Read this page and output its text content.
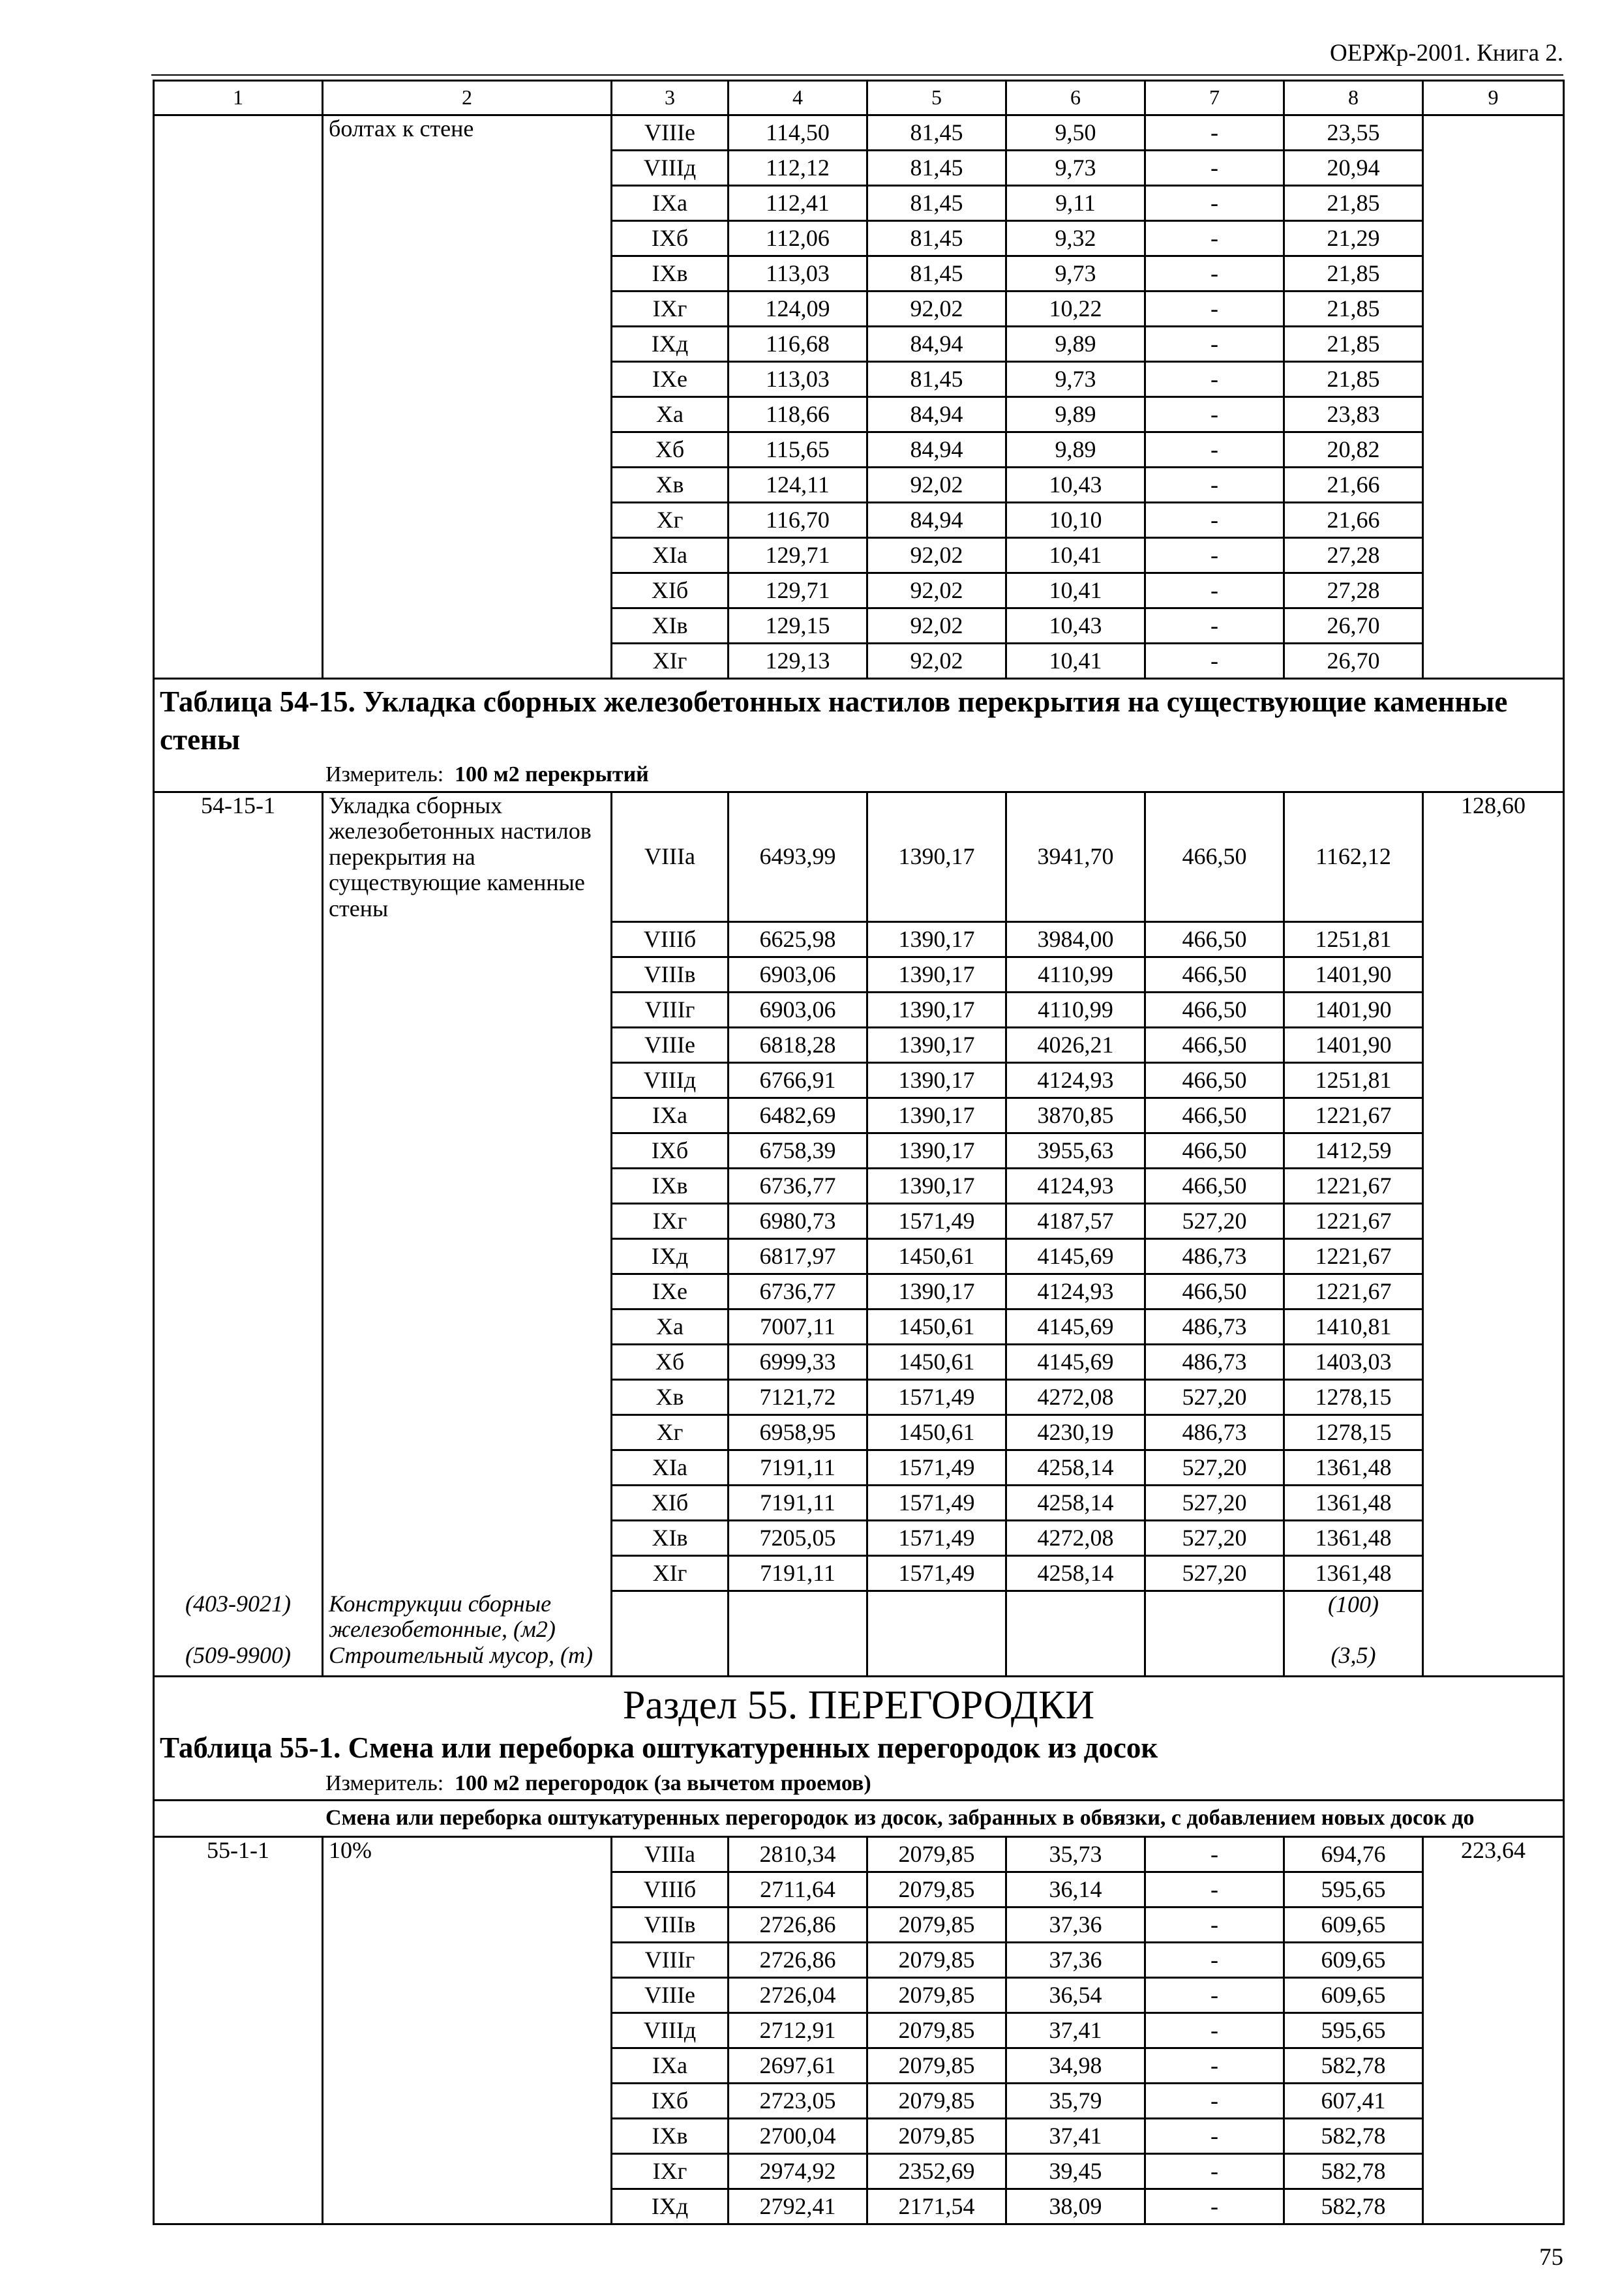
ОЕРЖр-2001. Книга 2.
1	2	3	4	5	6	7	8	9
	болтах к стене	VIIIе	114,50	81,45	9,50	-	23,55	
		VIIIд	112,12	81,45	9,73	-	20,94	
		IXа	112,41	81,45	9,11	-	21,85	
		IXб	112,06	81,45	9,32	-	21,29	
		IXв	113,03	81,45	9,73	-	21,85	
		IXг	124,09	92,02	10,22	-	21,85	
		IXд	116,68	84,94	9,89	-	21,85	
		IXе	113,03	81,45	9,73	-	21,85	
		Xа	118,66	84,94	9,89	-	23,83	
		Xб	115,65	84,94	9,89	-	20,82	
		Xв	124,11	92,02	10,43	-	21,66	
		Xг	116,70	84,94	10,10	-	21,66	
		XIа	129,71	92,02	10,41	-	27,28	
		XIб	129,71	92,02	10,41	-	27,28	
		XIв	129,15	92,02	10,43	-	26,70	
		XIг	129,13	92,02	10,41	-	26,70	

Таблица 54-15. Укладка сборных железобетонных настилов перекрытия на существующие каменные стены
Измеритель: 100 м2 перекрытий								

54-15-1	Укладка сборных железобетонных настилов перекрытия на существующие каменные стены	VIIIа	6493,99	1390,17	3941,70	466,50	1162,12	128,60
		VIIIб	6625,98	1390,17	3984,00	466,50	1251,81	
		VIIIв	6903,06	1390,17	4110,99	466,50	1401,90	
		VIIIг	6903,06	1390,17	4110,99	466,50	1401,90	
		VIIIе	6818,28	1390,17	4026,21	466,50	1401,90	
		VIIIд	6766,91	1390,17	4124,93	466,50	1251,81	
		IXа	6482,69	1390,17	3870,85	466,50	1221,67	
		IXб	6758,39	1390,17	3955,63	466,50	1412,59	
		IXв	6736,77	1390,17	4124,93	466,50	1221,67	
		IXг	6980,73	1571,49	4187,57	527,20	1221,67	
		IXд	6817,97	1450,61	4145,69	486,73	1221,67	
		IXе	6736,77	1390,17	4124,93	466,50	1221,67	
		Xа	7007,11	1450,61	4145,69	486,73	1410,81	
		Xб	6999,33	1450,61	4145,69	486,73	1403,03	
		Xв	7121,72	1571,49	4272,08	527,20	1278,15	
		Xг	6958,95	1450,61	4230,19	486,73	1278,15	
		XIа	7191,11	1571,49	4258,14	527,20	1361,48	
		XIб	7191,11	1571,49	4258,14	527,20	1361,48	
		XIв	7205,05	1571,49	4272,08	527,20	1361,48	
		XIг	7191,11	1571,49	4258,14	527,20	1361,48	
(403-9021)	Конструкции сборные железобетонные, (м2)						(100)	
(509-9900)	Строительный мусор, (т)						(3,5)	

Раздел 55. ПЕРЕГОРОДКИ
Таблица 55-1. Смена или переборка оштукатуренных перегородок из досок
Измеритель: 100 м2 перегородок (за вычетом проемов)								

Смена или переборка оштукатуренных перегородок из досок, забранных в обвязки, с добавлением новых досок до								

55-1-1	10%	VIIIа	2810,34	2079,85	35,73	-	694,76	223,64
		VIIIб	2711,64	2079,85	36,14	-	595,65	
		VIIIв	2726,86	2079,85	37,36	-	609,65	
		VIIIг	2726,86	2079,85	37,36	-	609,65	
		VIIIе	2726,04	2079,85	36,54	-	609,65	
		VIIIд	2712,91	2079,85	37,41	-	595,65	
		IXа	2697,61	2079,85	34,98	-	582,78	
		IXб	2723,05	2079,85	35,79	-	607,41	
		IXв	2700,04	2079,85	37,41	-	582,78	
		IXг	2974,92	2352,69	39,45	-	582,78	
		IXд	2792,41	2171,54	38,09	-	582,78	
75
